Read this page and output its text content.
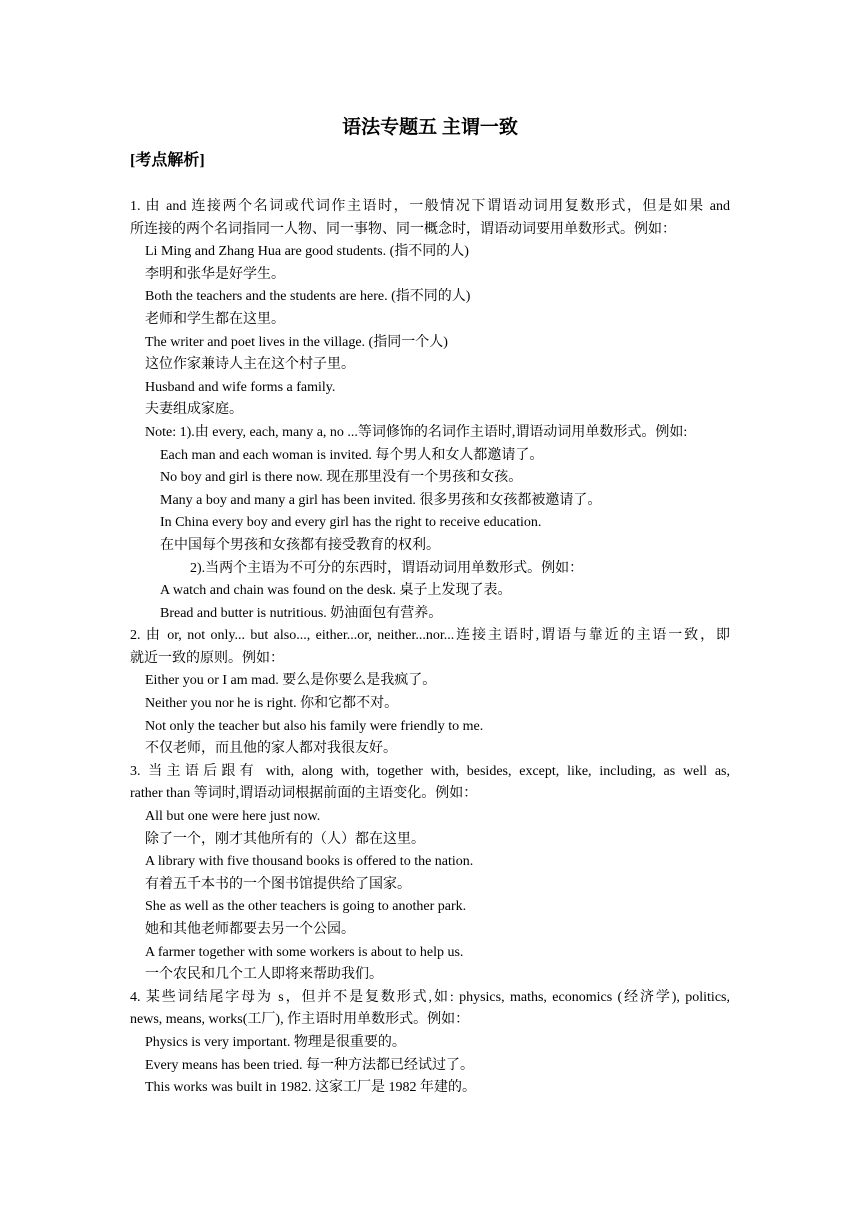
语法专题五 主谓一致
[考点解析]
1. 由 and 连接两个名词或代词作主语时，一般情况下谓语动词用复数形式，但是如果 and
所连接的两个名词指同一人物、同一事物、同一概念时，谓语动词要用单数形式。例如：
Li Ming and Zhang Hua are good students. (指不同的人)
李明和张华是好学生。
Both the teachers and the students are here. (指不同的人)
老师和学生都在这里。
The writer and poet lives in the village. (指同一个人)
这位作家兼诗人主在这个村子里。
Husband and wife forms a family.
夫妻组成家庭。
Note: 1).由 every, each, many a, no ...等词修饰的名词作主语时,谓语动词用单数形式。例如:
Each man and each woman is invited. 每个男人和女人都邀请了。
No boy and girl is there now. 现在那里没有一个男孩和女孩。
Many a boy and many a girl has been invited. 很多男孩和女孩都被邀请了。
In China every boy and every girl has the right to receive education.
在中国每个男孩和女孩都有接受教育的权利。
2).当两个主语为不可分的东西时，谓语动词用单数形式。例如：
A watch and chain was found on the desk. 桌子上发现了表。
Bread and butter is nutritious. 奶油面包有营养。
2. 由 or, not only... but also..., either...or, neither...nor...连接主语时,谓语与靠近的主语一致，即
就近一致的原则。例如：
Either you or I am mad. 要么是你要么是我疯了。
Neither you nor he is right. 你和它都不对。
Not only the teacher but also his family were friendly to me.
不仅老师，而且他的家人都对我很友好。
3. 当主语后跟有 with, along with, together with, besides, except, like, including, as well as,
rather than 等词时,谓语动词根据前面的主语变化。例如：
All but one were here just now.
除了一个，刚才其他所有的（人）都在这里。
A library with five thousand books is offered to the nation.
有着五千本书的一个图书馆提供给了国家。
She as well as the other teachers is going to another park.
她和其他老师都要去另一个公园。
A farmer together with some workers is about to help us.
一个农民和几个工人即将来帮助我们。
4. 某些词结尾字母为 s，但并不是复数形式,如: physics, maths, economics (经济学), politics,
news, means, works(工厂), 作主语时用单数形式。例如：
Physics is very important. 物理是很重要的。
Every means has been tried. 每一种方法都已经试过了。
This works was built in 1982. 这家工厂是 1982 年建的。
